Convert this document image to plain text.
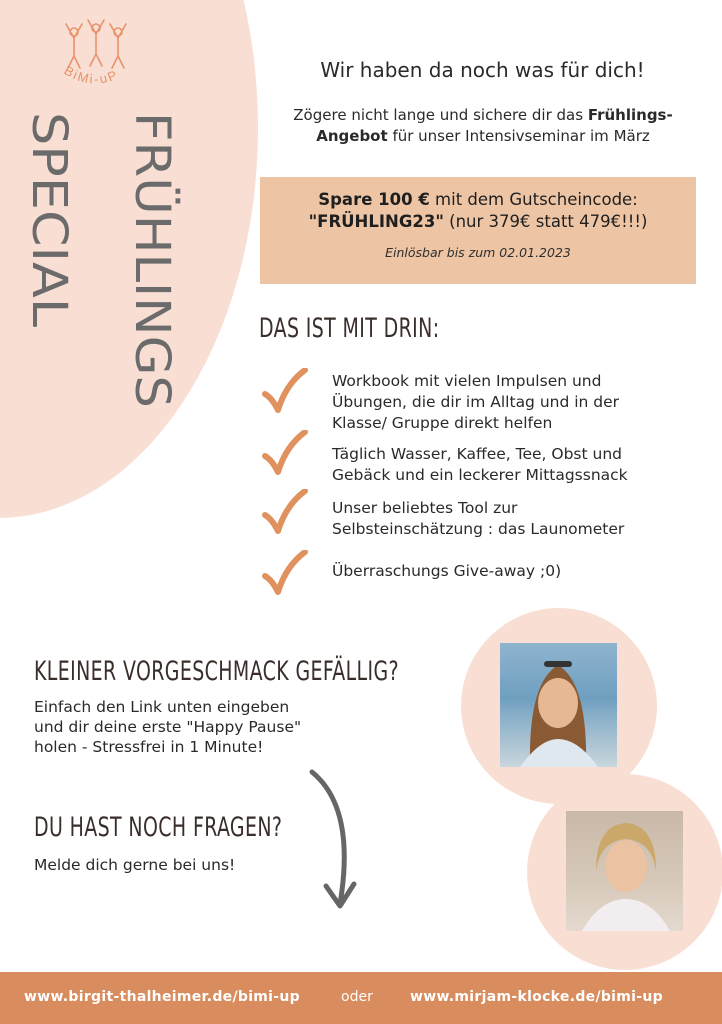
BiMi-uP
FRÜHLINGS
SPECIAL
Wir haben da noch was für dich!
Zögere nicht lange und sichere dir das Frühlings-Angebot für unser Intensivseminar im März
Spare 100 € mit dem Gutscheincode:
"FRÜHLING23" (nur 379€ statt 479€!!!)
Einlösbar bis zum 02.01.2023
DAS IST MIT DRIN:
Workbook mit vielen Impulsen und
Übungen, die dir im Alltag und in der
Klasse/ Gruppe direkt helfen
Täglich Wasser, Kaffee, Tee, Obst und
Gebäck und ein leckerer Mittagssnack
Unser beliebtes Tool zur
Selbsteinschätzung : das Launometer
Überraschungs Give-away ;0)
KLEINER VORGESCHMACK GEFÄLLIG?
Einfach den Link unten eingeben
und dir deine erste "Happy Pause"
holen - Stressfrei in 1 Minute!
DU HAST NOCH FRAGEN?
Melde dich gerne bei uns!
www.birgit-thalheimer.de/bimi-up	oder	www.mirjam-klocke.de/bimi-up
